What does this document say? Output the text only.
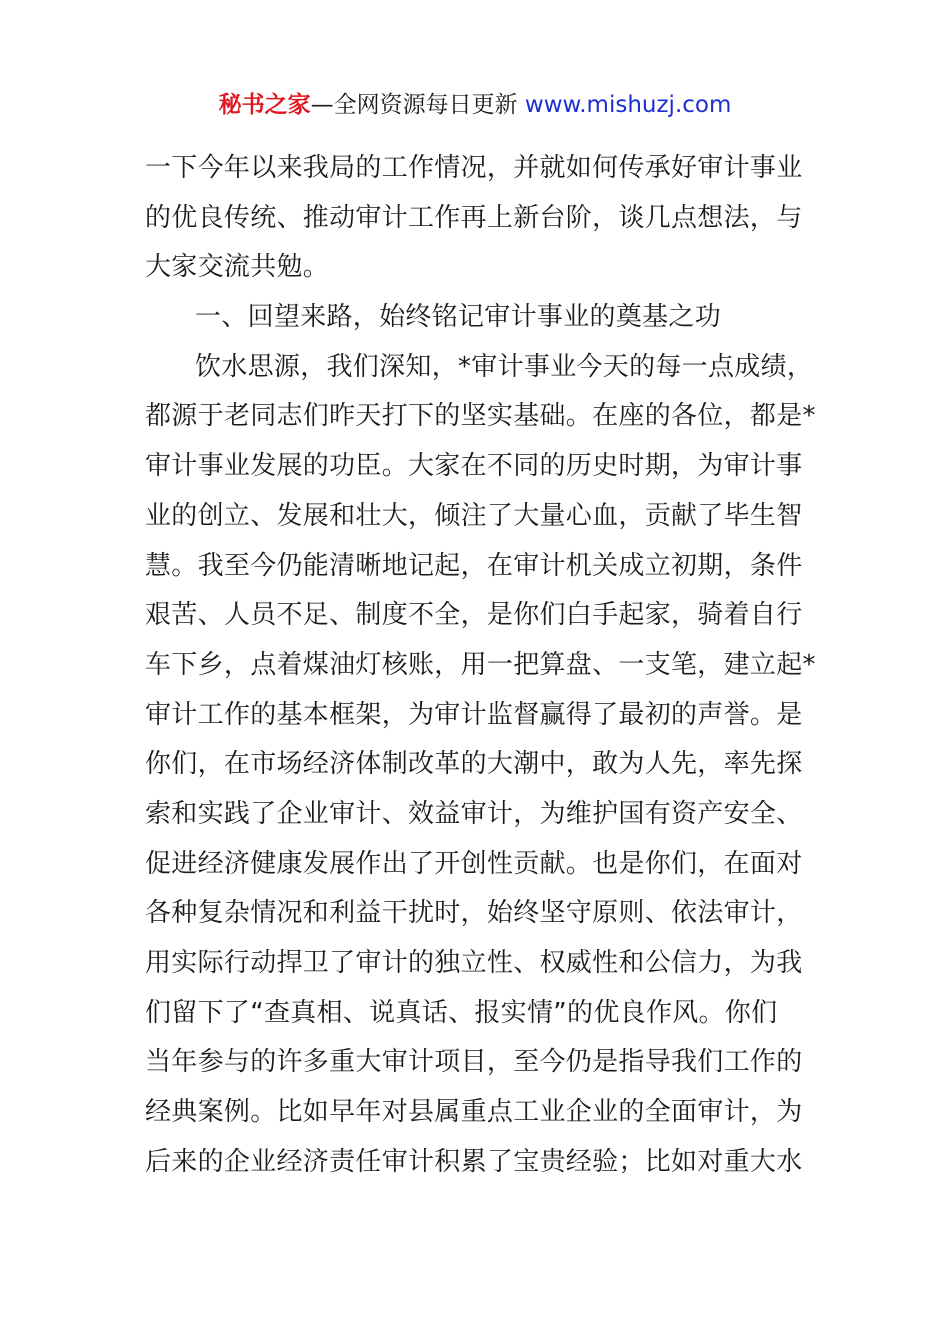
秘书之家—全网资源每日更新 www.mishuzj.com
一下今年以来我局的工作情况，并就如何传承好审计事业
的优良传统、推动审计工作再上新台阶，谈几点想法，与
大家交流共勉。
一、回望来路，始终铭记审计事业的奠基之功
饮水思源，我们深知，*审计事业今天的每一点成绩，
都源于老同志们昨天打下的坚实基础。在座的各位，都是*
审计事业发展的功臣。大家在不同的历史时期，为审计事
业的创立、发展和壮大，倾注了大量心血，贡献了毕生智
慧。我至今仍能清晰地记起，在审计机关成立初期，条件
艰苦、人员不足、制度不全，是你们白手起家，骑着自行
车下乡，点着煤油灯核账，用一把算盘、一支笔，建立起*
审计工作的基本框架，为审计监督赢得了最初的声誉。是
你们，在市场经济体制改革的大潮中，敢为人先，率先探
索和实践了企业审计、效益审计，为维护国有资产安全、
促进经济健康发展作出了开创性贡献。也是你们，在面对
各种复杂情况和利益干扰时，始终坚守原则、依法审计，
用实际行动捍卫了审计的独立性、权威性和公信力，为我
们留下了“查真相、说真话、报实情”的优良作风。你们
当年参与的许多重大审计项目，至今仍是指导我们工作的
经典案例。比如早年对县属重点工业企业的全面审计，为
后来的企业经济责任审计积累了宝贵经验；比如对重大水
